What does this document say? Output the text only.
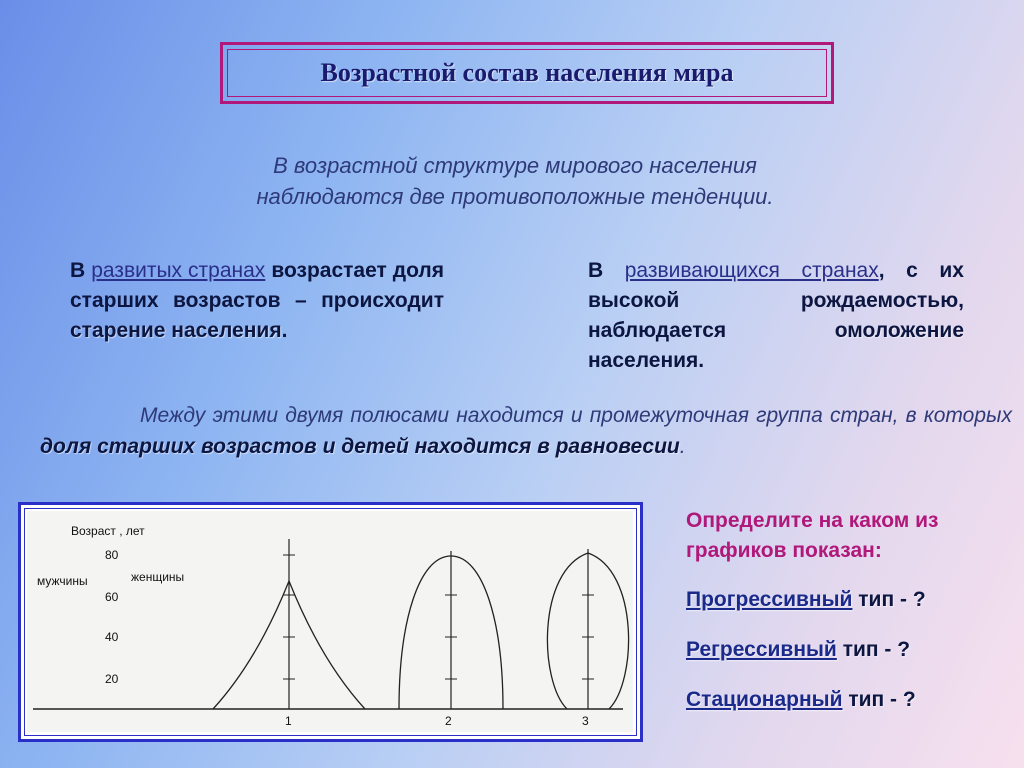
Возрастной состав населения мира
В возрастной структуре мирового населения
наблюдаются две противоположные тенденции.
В развитых странах возрастает доля старших возрастов – происходит старение населения.
В развивающихся странах, с их высокой рождаемостью, наблюдается омоложение населения.
Между этими двумя полюсами находится и промежуточная группа стран, в которых доля старших возрастов и детей находится в равновесии.
Возраст , лет
мужчины	женщины
80
60
40
20
1	2	3
Определите на каком из графиков показан:
Прогрессивный тип - ?
Регрессивный тип - ?
Стационарный тип - ?
